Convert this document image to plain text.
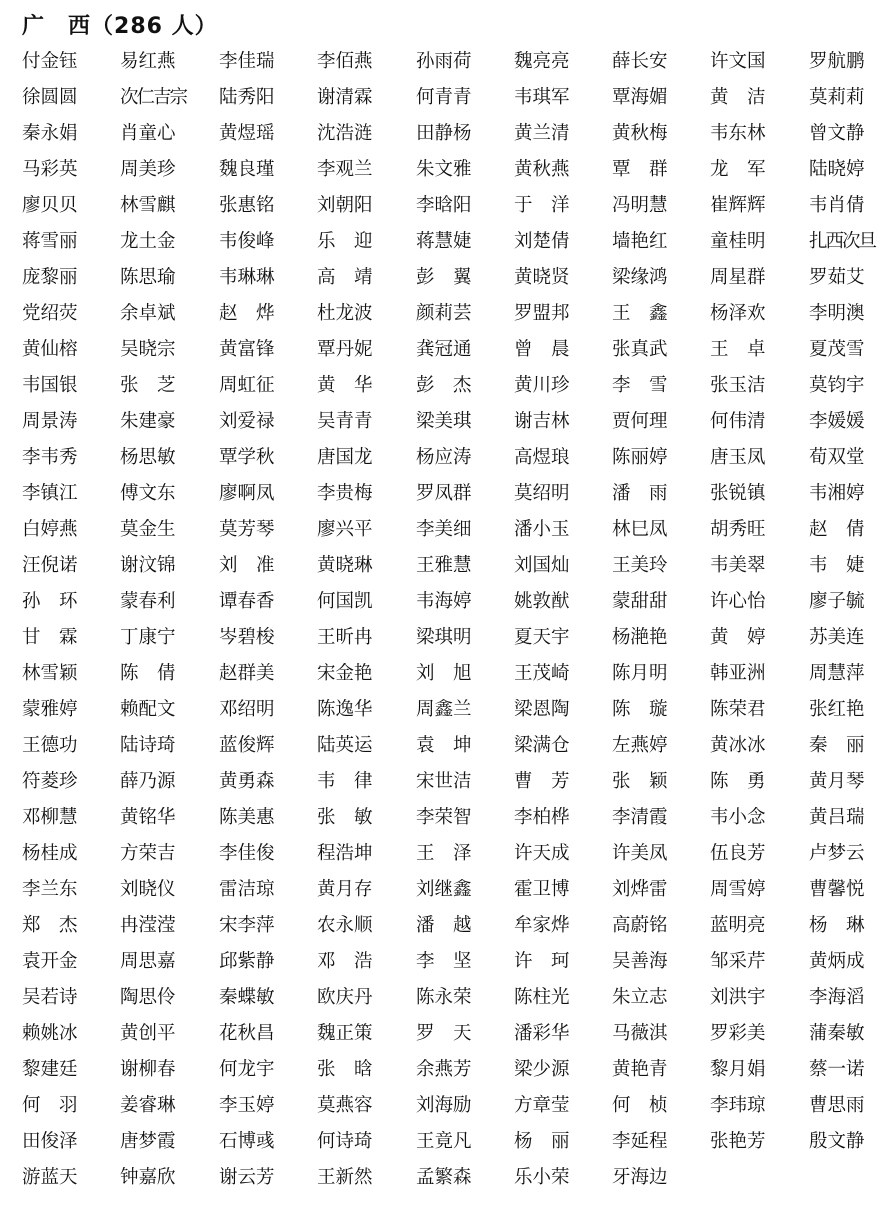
广　西（286 人）
付金钰 易红燕 李佳瑞 李佰燕 孙雨荷 魏亮亮 薛长安 许文国 罗航鹏
徐圆圆 次仁吉宗 陆秀阳 谢清霖 何青青 韦琪军 覃海媚 黄　洁 莫莉莉
秦永娟 肖童心 黄煜瑶 沈浩涟 田静杨 黄兰清 黄秋梅 韦东林 曾文静
马彩英 周美珍 魏良瑾 李观兰 朱文雅 黄秋燕 覃　群 龙　军 陆晓婷
廖贝贝 林雪麒 张惠铭 刘朝阳 李晗阳 于　洋 冯明慧 崔辉辉 韦肖倩
蒋雪丽 龙土金 韦俊峰 乐　迎 蒋慧婕 刘楚倩 墙艳红 童桂明 扎西次旦
庞黎丽 陈思瑜 韦琳琳 高　靖 彭　翼 黄晓贤 梁缘鸿 周星群 罗茹艾
党绍荧 余卓斌 赵　烨 杜龙波 颜莉芸 罗盟邦 王　鑫 杨泽欢 李明澳
黄仙榕 吴晓宗 黄富锋 覃丹妮 龚冠通 曾　晨 张真武 王　卓 夏茂雪
韦国银 张　芝 周虹征 黄　华 彭　杰 黄川珍 李　雪 张玉洁 莫钧宇
周景涛 朱建豪 刘爱禄 吴青青 梁美琪 谢吉林 贾何理 何伟清 李媛媛
李韦秀 杨思敏 覃学秋 唐国龙 杨应涛 高煜琅 陈丽婷 唐玉凤 荀双堂
李镇江 傅文东 廖啊凤 李贵梅 罗凤群 莫绍明 潘　雨 张锐镇 韦湘婷
白婷燕 莫金生 莫芳琴 廖兴平 李美细 潘小玉 林巳凤 胡秀旺 赵　倩
汪倪诺 谢汶锦 刘　准 黄晓琳 王雅慧 刘国灿 王美玲 韦美翠 韦　婕
孙　环 蒙春利 谭春香 何国凯 韦海婷 姚敦猷 蒙甜甜 许心怡 廖子毓
甘　霖 丁康宁 岑碧梭 王昕冉 梁琪明 夏天宇 杨滟艳 黄　婷 苏美连
林雪颖 陈　倩 赵群美 宋金艳 刘　旭 王茂崎 陈月明 韩亚洲 周慧萍
蒙雅婷 赖配文 邓绍明 陈逸华 周鑫兰 梁恩陶 陈　璇 陈荣君 张红艳
王德功 陆诗琦 蓝俊辉 陆英运 袁　坤 梁满仓 左燕婷 黄冰冰 秦　丽
符菱珍 薛乃源 黄勇森 韦　律 宋世洁 曹　芳 张　颖 陈　勇 黄月琴
邓柳慧 黄铭华 陈美惠 张　敏 李荣智 李柏桦 李清霞 韦小念 黄吕瑞
杨桂成 方荣吉 李佳俊 程浩坤 王　泽 许天成 许美凤 伍良芳 卢梦云
李兰东 刘晓仪 雷洁琼 黄月存 刘继鑫 霍卫博 刘烨雷 周雪婷 曹馨悦
郑　杰 冉滢滢 宋李萍 农永顺 潘　越 牟家烨 高蔚铭 蓝明亮 杨　琳
袁开金 周思嘉 邱紫静 邓　浩 李　坚 许　珂 吴善海 邹采芹 黄炳成
吴若诗 陶思伶 秦蝶敏 欧庆丹 陈永荣 陈柱光 朱立志 刘洪宇 李海滔
赖姚冰 黄创平 花秋昌 魏正策 罗　天 潘彩华 马薇淇 罗彩美 蒲秦敏
黎建廷 谢柳春 何龙宇 张　晗 余燕芳 梁少源 黄艳青 黎月娟 蔡一诺
何　羽 姜睿琳 李玉婷 莫燕容 刘海励 方章莹 何　桢 李玮琼 曹思雨
田俊泽 唐梦霞 石博彧 何诗琦 王竟凡 杨　丽 李延程 张艳芳 殷文静
游蓝天 钟嘉欣 谢云芳 王新然 孟繁森 乐小荣 牙海边
